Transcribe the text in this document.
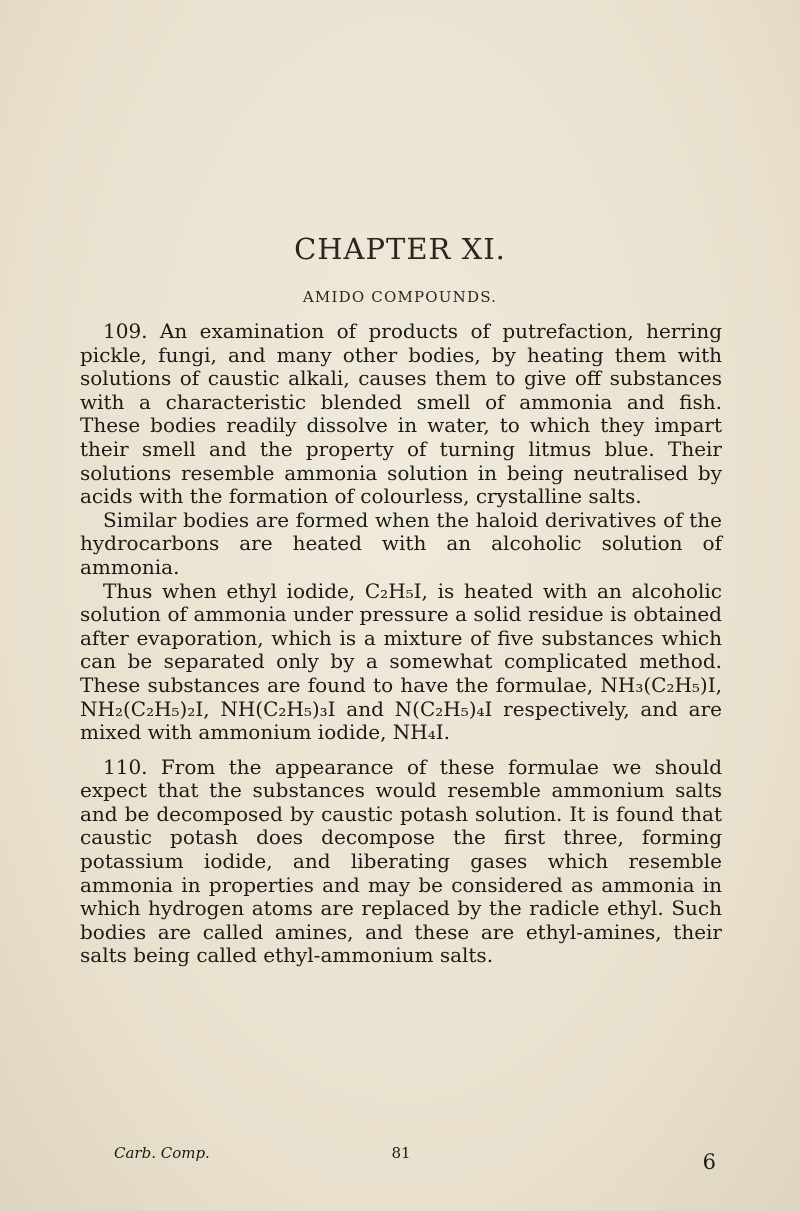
CHAPTER XI.
AMIDO COMPOUNDS.

109. An examination of products of putrefaction, herring pickle, fungi, and many other bodies, by heating them with solutions of caustic alkali, causes them to give off substances with a characteristic blended smell of ammonia and fish. These bodies readily dissolve in water, to which they impart their smell and the property of turning litmus blue. Their solutions resemble ammonia solution in being neutralised by acids with the formation of colourless, crystalline salts.

Similar bodies are formed when the haloid derivatives of the hydrocarbons are heated with an alcoholic solution of ammonia.

Thus when ethyl iodide, C₂H₅I, is heated with an alcoholic solution of ammonia under pressure a solid residue is obtained after evaporation, which is a mixture of five substances which can be separated only by a somewhat complicated method. These substances are found to have the formulae, NH₃(C₂H₅)I, NH₂(C₂H₅)₂I, NH(C₂H₅)₃I and N(C₂H₅)₄I respectively, and are mixed with ammonium iodide, NH₄I.

110. From the appearance of these formulae we should expect that the substances would resemble ammonium salts and be decomposed by caustic potash solution. It is found that caustic potash does decompose the first three, forming potassium iodide, and liberating gases which resemble ammonia in properties and may be considered as ammonia in which hydrogen atoms are replaced by the radicle ethyl. Such bodies are called amines, and these are ethyl-amines, their salts being called ethyl-ammonium salts.

Carb. Comp.	81	6
